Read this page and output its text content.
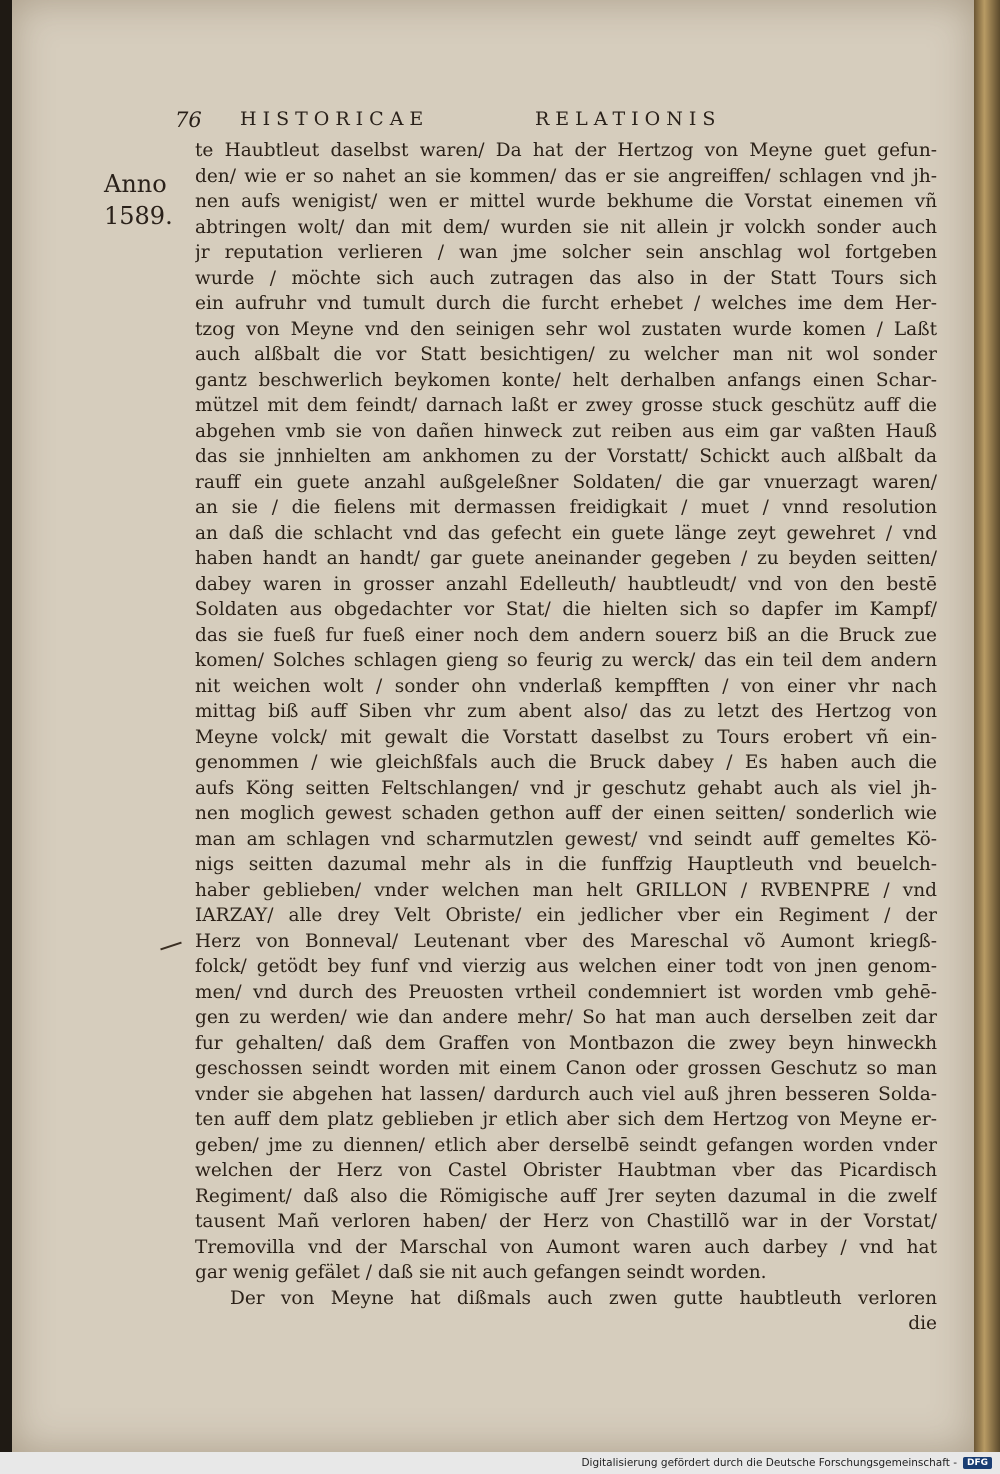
76 HISTORICAE	RELATIONIS
Anno
1589.
te Haubtleut daselbst waren/ Da hat der Hertzog von Meyne guet gefun-
den/ wie er so nahet an sie kommen/ das er sie angreiffen/ schlagen vnd jh-
nen aufs wenigist/ wen er mittel wurde bekhume die Vorstat einemen vñ
abtringen wolt/ dan mit dem/ wurden sie nit allein jr volckh sonder auch
jr reputation verlieren / wan jme solcher sein anschlag wol fortgeben
wurde / möchte sich auch zutragen das also in der Statt Tours sich
ein aufruhr vnd tumult durch die furcht erhebet / welches ime dem Her-
tzog von Meyne vnd den seinigen sehr wol zustaten wurde komen / Laßt
auch alßbalt die vor Statt besichtigen/ zu welcher man nit wol sonder
gantz beschwerlich beykomen konte/ helt derhalben anfangs einen Schar-
mützel mit dem feindt/ darnach laßt er zwey grosse stuck geschütz auff die
abgehen vmb sie von dañen hinweck zut reiben aus eim gar vaßten Hauß
das sie jnnhielten am ankhomen zu der Vorstatt/ Schickt auch alßbalt da
rauff ein guete anzahl außgeleßner Soldaten/ die gar vnuerzagt waren/
an sie / die fielens mit dermassen freidigkait / muet / vnnd resolution
an daß die schlacht vnd das gefecht ein guete länge zeyt gewehret / vnd
haben handt an handt/ gar guete aneinander gegeben / zu beyden seitten/
dabey waren in grosser anzahl Edelleuth/ haubtleudt/ vnd von den bestē
Soldaten aus obgedachter vor Stat/ die hielten sich so dapfer im Kampf/
das sie fueß fur fueß einer noch dem andern souerz biß an die Bruck zue
komen/ Solches schlagen gieng so feurig zu werck/ das ein teil dem andern
nit weichen wolt / sonder ohn vnderlaß kempfften / von einer vhr nach
mittag biß auff Siben vhr zum abent also/ das zu letzt des Hertzog von
Meyne volck/ mit gewalt die Vorstatt daselbst zu Tours erobert vñ ein-
genommen / wie gleichßfals auch die Bruck dabey / Es haben auch die
aufs Köng seitten Feltschlangen/ vnd jr geschutz gehabt auch als viel jh-
nen moglich gewest schaden gethon auff der einen seitten/ sonderlich wie
man am schlagen vnd scharmutzlen gewest/ vnd seindt auff gemeltes Kö-
nigs seitten dazumal mehr als in die funffzig Hauptleuth vnd beuelch-
haber geblieben/ vnder welchen man helt GRILLON / RVBENPRE / vnd
IARZAY/ alle drey Velt Obriste/ ein jedlicher vber ein Regiment / der
Herz von Bonneval/ Leutenant vber des Mareschal võ Aumont kriegß-
folck/ getödt bey funf vnd vierzig aus welchen einer todt von jnen genom-
men/ vnd durch des Preuosten vrtheil condemniert ist worden vmb gehē-
gen zu werden/ wie dan andere mehr/ So hat man auch derselben zeit dar
fur gehalten/ daß dem Graffen von Montbazon die zwey beyn hinweckh
geschossen seindt worden mit einem Canon oder grossen Geschutz so man
vnder sie abgehen hat lassen/ dardurch auch viel auß jhren besseren Solda-
ten auff dem platz geblieben jr etlich aber sich dem Hertzog von Meyne er-
geben/ jme zu diennen/ etlich aber derselbē seindt gefangen worden vnder
welchen der Herz von Castel Obrister Haubtman vber das Picardisch
Regiment/ daß also die Römigische auff Jrer seyten dazumal in die zwelf
tausent Mañ verloren haben/ der Herz von Chastillõ war in der Vorstat/
Tremovilla vnd der Marschal von Aumont waren auch darbey / vnd hat
gar wenig gefälet / daß sie nit auch gefangen seindt worden.
Der von Meyne hat dißmals auch zwen gutte haubtleuth verloren
die
Digitalisierung gefördert durch die Deutsche Forschungsgemeinschaft -	DFG
